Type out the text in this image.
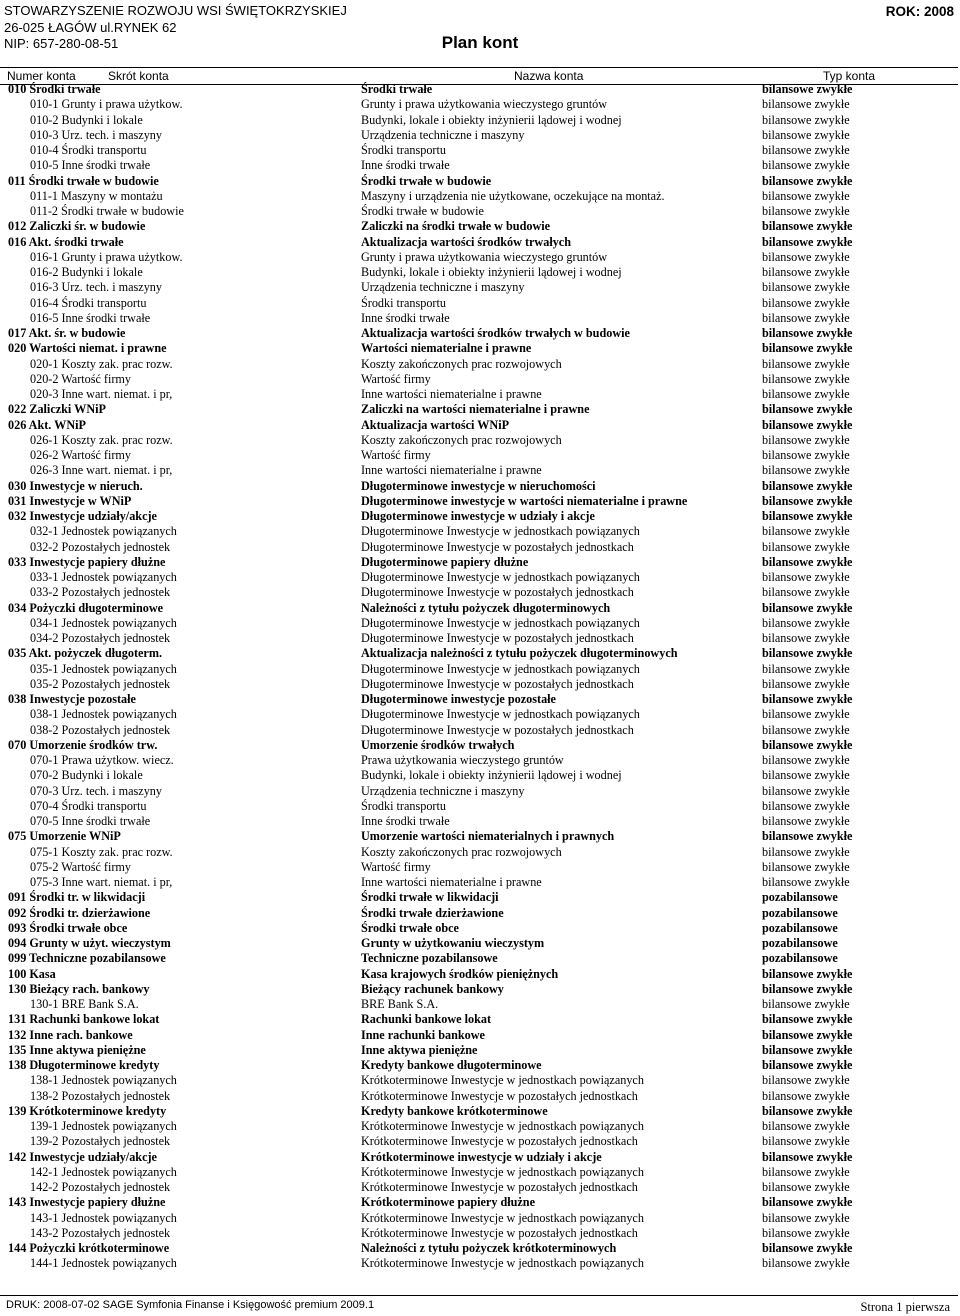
STOWARZYSZENIE ROZWOJU WSI ŚWIĘTOKRZYSKIEJ
26-025 ŁAGÓW ul.RYNEK 62
NIP: 657-280-08-51
ROK: 2008
Plan kont
Numer konta	Skrót konta	Nazwa konta	Typ konta
010 Środki trwałe	Środki trwałe	bilansowe zwykłe
010-1 Grunty i prawa użytkow.	Grunty i prawa użytkowania wieczystego gruntów	bilansowe zwykłe
010-2 Budynki i lokale	Budynki, lokale i obiekty inżynierii lądowej i wodnej	bilansowe zwykłe
010-3 Urz. tech. i maszyny	Urządzenia techniczne i maszyny	bilansowe zwykłe
010-4 Środki transportu	Środki transportu	bilansowe zwykłe
010-5 Inne środki trwałe	Inne środki trwałe	bilansowe zwykłe
011 Środki trwałe w budowie	Środki trwałe w budowie	bilansowe zwykłe
011-1 Maszyny w montażu	Maszyny i urządzenia nie użytkowane, oczekujące na montaż.	bilansowe zwykłe
011-2 Środki trwałe w budowie	Środki trwałe w budowie	bilansowe zwykłe
012 Zaliczki śr. w budowie	Zaliczki na środki trwałe w budowie	bilansowe zwykłe
016 Akt. środki trwałe	Aktualizacja wartości środków trwałych	bilansowe zwykłe
016-1 Grunty i prawa użytkow.	Grunty i prawa użytkowania wieczystego gruntów	bilansowe zwykłe
016-2 Budynki i lokale	Budynki, lokale i obiekty inżynierii lądowej i wodnej	bilansowe zwykłe
016-3 Urz. tech. i maszyny	Urządzenia techniczne i maszyny	bilansowe zwykłe
016-4 Środki transportu	Środki transportu	bilansowe zwykłe
016-5 Inne środki trwałe	Inne środki trwałe	bilansowe zwykłe
017 Akt. śr. w budowie	Aktualizacja wartości środków trwałych w budowie	bilansowe zwykłe
020 Wartości niemat. i prawne	Wartości niematerialne i prawne	bilansowe zwykłe
020-1 Koszty zak. prac rozw.	Koszty zakończonych prac rozwojowych	bilansowe zwykłe
020-2 Wartość firmy	Wartość firmy	bilansowe zwykłe
020-3 Inne wart. niemat. i pr,	Inne wartości niematerialne i prawne	bilansowe zwykłe
022 Zaliczki WNiP	Zaliczki na wartości niematerialne i prawne	bilansowe zwykłe
026 Akt. WNiP	Aktualizacja wartości WNiP	bilansowe zwykłe
026-1 Koszty zak. prac rozw.	Koszty zakończonych prac rozwojowych	bilansowe zwykłe
026-2 Wartość firmy	Wartość firmy	bilansowe zwykłe
026-3 Inne wart. niemat. i pr,	Inne wartości niematerialne i prawne	bilansowe zwykłe
030 Inwestycje w nieruch.	Długoterminowe inwestycje w nieruchomości	bilansowe zwykłe
031 Inwestycje w WNiP	Długoterminowe inwestycje w wartości niematerialne i prawne	bilansowe zwykłe
032 Inwestycje udziały/akcje	Długoterminowe inwestycje w udziały i akcje	bilansowe zwykłe
032-1 Jednostek powiązanych	Długoterminowe Inwestycje w jednostkach powiązanych	bilansowe zwykłe
032-2 Pozostałych jednostek	Długoterminowe Inwestycje w pozostałych jednostkach	bilansowe zwykłe
033 Inwestycje papiery dłużne	Długoterminowe papiery dłużne	bilansowe zwykłe
033-1 Jednostek powiązanych	Długoterminowe Inwestycje w jednostkach powiązanych	bilansowe zwykłe
033-2 Pozostałych jednostek	Długoterminowe Inwestycje w pozostałych jednostkach	bilansowe zwykłe
034 Pożyczki długoterminowe	Należności z tytułu pożyczek długoterminowych	bilansowe zwykłe
034-1 Jednostek powiązanych	Długoterminowe Inwestycje w jednostkach powiązanych	bilansowe zwykłe
034-2 Pozostałych jednostek	Długoterminowe Inwestycje w pozostałych jednostkach	bilansowe zwykłe
035 Akt. pożyczek długoterm.	Aktualizacja należności z tytułu pożyczek długoterminowych	bilansowe zwykłe
035-1 Jednostek powiązanych	Długoterminowe Inwestycje w jednostkach powiązanych	bilansowe zwykłe
035-2 Pozostałych jednostek	Długoterminowe Inwestycje w pozostałych jednostkach	bilansowe zwykłe
038 Inwestycje pozostałe	Długoterminowe inwestycje pozostałe	bilansowe zwykłe
038-1 Jednostek powiązanych	Długoterminowe Inwestycje w jednostkach powiązanych	bilansowe zwykłe
038-2 Pozostałych jednostek	Długoterminowe Inwestycje w pozostałych jednostkach	bilansowe zwykłe
070 Umorzenie środków trw.	Umorzenie środków trwałych	bilansowe zwykłe
070-1 Prawa użytkow. wiecz.	Prawa użytkowania wieczystego gruntów	bilansowe zwykłe
070-2 Budynki i lokale	Budynki, lokale i obiekty inżynierii lądowej i wodnej	bilansowe zwykłe
070-3 Urz. tech. i maszyny	Urządzenia techniczne i maszyny	bilansowe zwykłe
070-4 Środki transportu	Środki transportu	bilansowe zwykłe
070-5 Inne środki trwałe	Inne środki trwałe	bilansowe zwykłe
075 Umorzenie WNiP	Umorzenie wartości niematerialnych i prawnych	bilansowe zwykłe
075-1 Koszty zak. prac rozw.	Koszty zakończonych prac rozwojowych	bilansowe zwykłe
075-2 Wartość firmy	Wartość firmy	bilansowe zwykłe
075-3 Inne wart. niemat. i pr,	Inne wartości niematerialne i prawne	bilansowe zwykłe
091 Środki tr. w likwidacji	Środki trwałe w likwidacji	pozabilansowe
092 Środki tr. dzierżawione	Środki trwałe dzierżawione	pozabilansowe
093 Środki trwałe obce	Środki trwałe obce	pozabilansowe
094 Grunty w użyt. wieczystym	Grunty w użytkowaniu wieczystym	pozabilansowe
099 Techniczne pozabilansowe	Techniczne pozabilansowe	pozabilansowe
100 Kasa	Kasa krajowych środków pieniężnych	bilansowe zwykłe
130 Bieżący rach. bankowy	Bieżący rachunek bankowy	bilansowe zwykłe
130-1 BRE Bank S.A.	BRE Bank S.A.	bilansowe zwykłe
131 Rachunki bankowe lokat	Rachunki bankowe lokat	bilansowe zwykłe
132 Inne rach. bankowe	Inne rachunki bankowe	bilansowe zwykłe
135 Inne aktywa pieniężne	Inne aktywa pieniężne	bilansowe zwykłe
138 Długoterminowe kredyty	Kredyty bankowe długoterminowe	bilansowe zwykłe
138-1 Jednostek powiązanych	Krótkoterminowe Inwestycje w jednostkach powiązanych	bilansowe zwykłe
138-2 Pozostałych jednostek	Krótkoterminowe Inwestycje w pozostałych jednostkach	bilansowe zwykłe
139 Krótkoterminowe kredyty	Kredyty bankowe krótkoterminowe	bilansowe zwykłe
139-1 Jednostek powiązanych	Krótkoterminowe Inwestycje w jednostkach powiązanych	bilansowe zwykłe
139-2 Pozostałych jednostek	Krótkoterminowe Inwestycje w pozostałych jednostkach	bilansowe zwykłe
142 Inwestycje udziały/akcje	Krótkoterminowe inwestycje w udziały i akcje	bilansowe zwykłe
142-1 Jednostek powiązanych	Krótkoterminowe Inwestycje w jednostkach powiązanych	bilansowe zwykłe
142-2 Pozostałych jednostek	Krótkoterminowe Inwestycje w pozostałych jednostkach	bilansowe zwykłe
143 Inwestycje papiery dłużne	Krótkoterminowe papiery dłużne	bilansowe zwykłe
143-1 Jednostek powiązanych	Krótkoterminowe Inwestycje w jednostkach powiązanych	bilansowe zwykłe
143-2 Pozostałych jednostek	Krótkoterminowe Inwestycje w pozostałych jednostkach	bilansowe zwykłe
144 Pożyczki krótkoterminowe	Należności z tytułu pożyczek krótkoterminowych	bilansowe zwykłe
144-1 Jednostek powiązanych	Krótkoterminowe Inwestycje w jednostkach powiązanych	bilansowe zwykłe
DRUK: 2008-07-02 SAGE Symfonia Finanse i Księgowość premium 2009.1	Strona 1 pierwsza
